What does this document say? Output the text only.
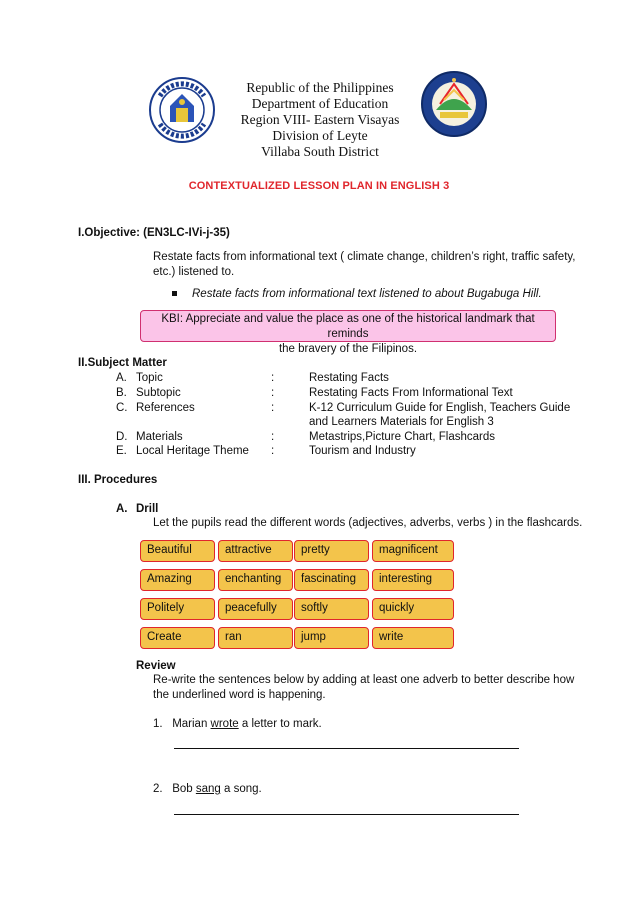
Republic of the Philippines
Department of Education
Region VIII- Eastern Visayas
Division of Leyte
Villaba South District
CONTEXTUALIZED LESSON PLAN IN ENGLISH 3
I.Objective: (EN3LC-IVi-j-35)
Restate facts from informational text ( climate change, children’s right, traffic safety,
etc.) listened to.
Restate facts from informational text listened to about Bugabuga Hill.
KBI: Appreciate and value the place as one of the historical landmark that reminds
the bravery of the Filipinos.
II.Subject Matter
A. Topic	:	Restating Facts
B. Subtopic	:	Restating Facts From Informational Text
C. References	:	K-12 Curriculum Guide for English, Teachers Guide
and Learners Materials for English 3
D. Materials	:	Metastrips,Picture Chart, Flashcards
E. Local Heritage Theme :	Tourism and Industry
III. Procedures
A. Drill
Let the pupils read the different words (adjectives, adverbs, verbs ) in the flashcards.
Beautiful	attractive	pretty	magnificent
Amazing	enchanting	fascinating	interesting
Politely	peacefully	softly	quickly
Create	ran	jump	write
Review
Re-write the sentences below by adding at least one adverb to better describe how
the underlined word is happening.
1. Marian wrote a letter to mark.
2. Bob sang a song.
